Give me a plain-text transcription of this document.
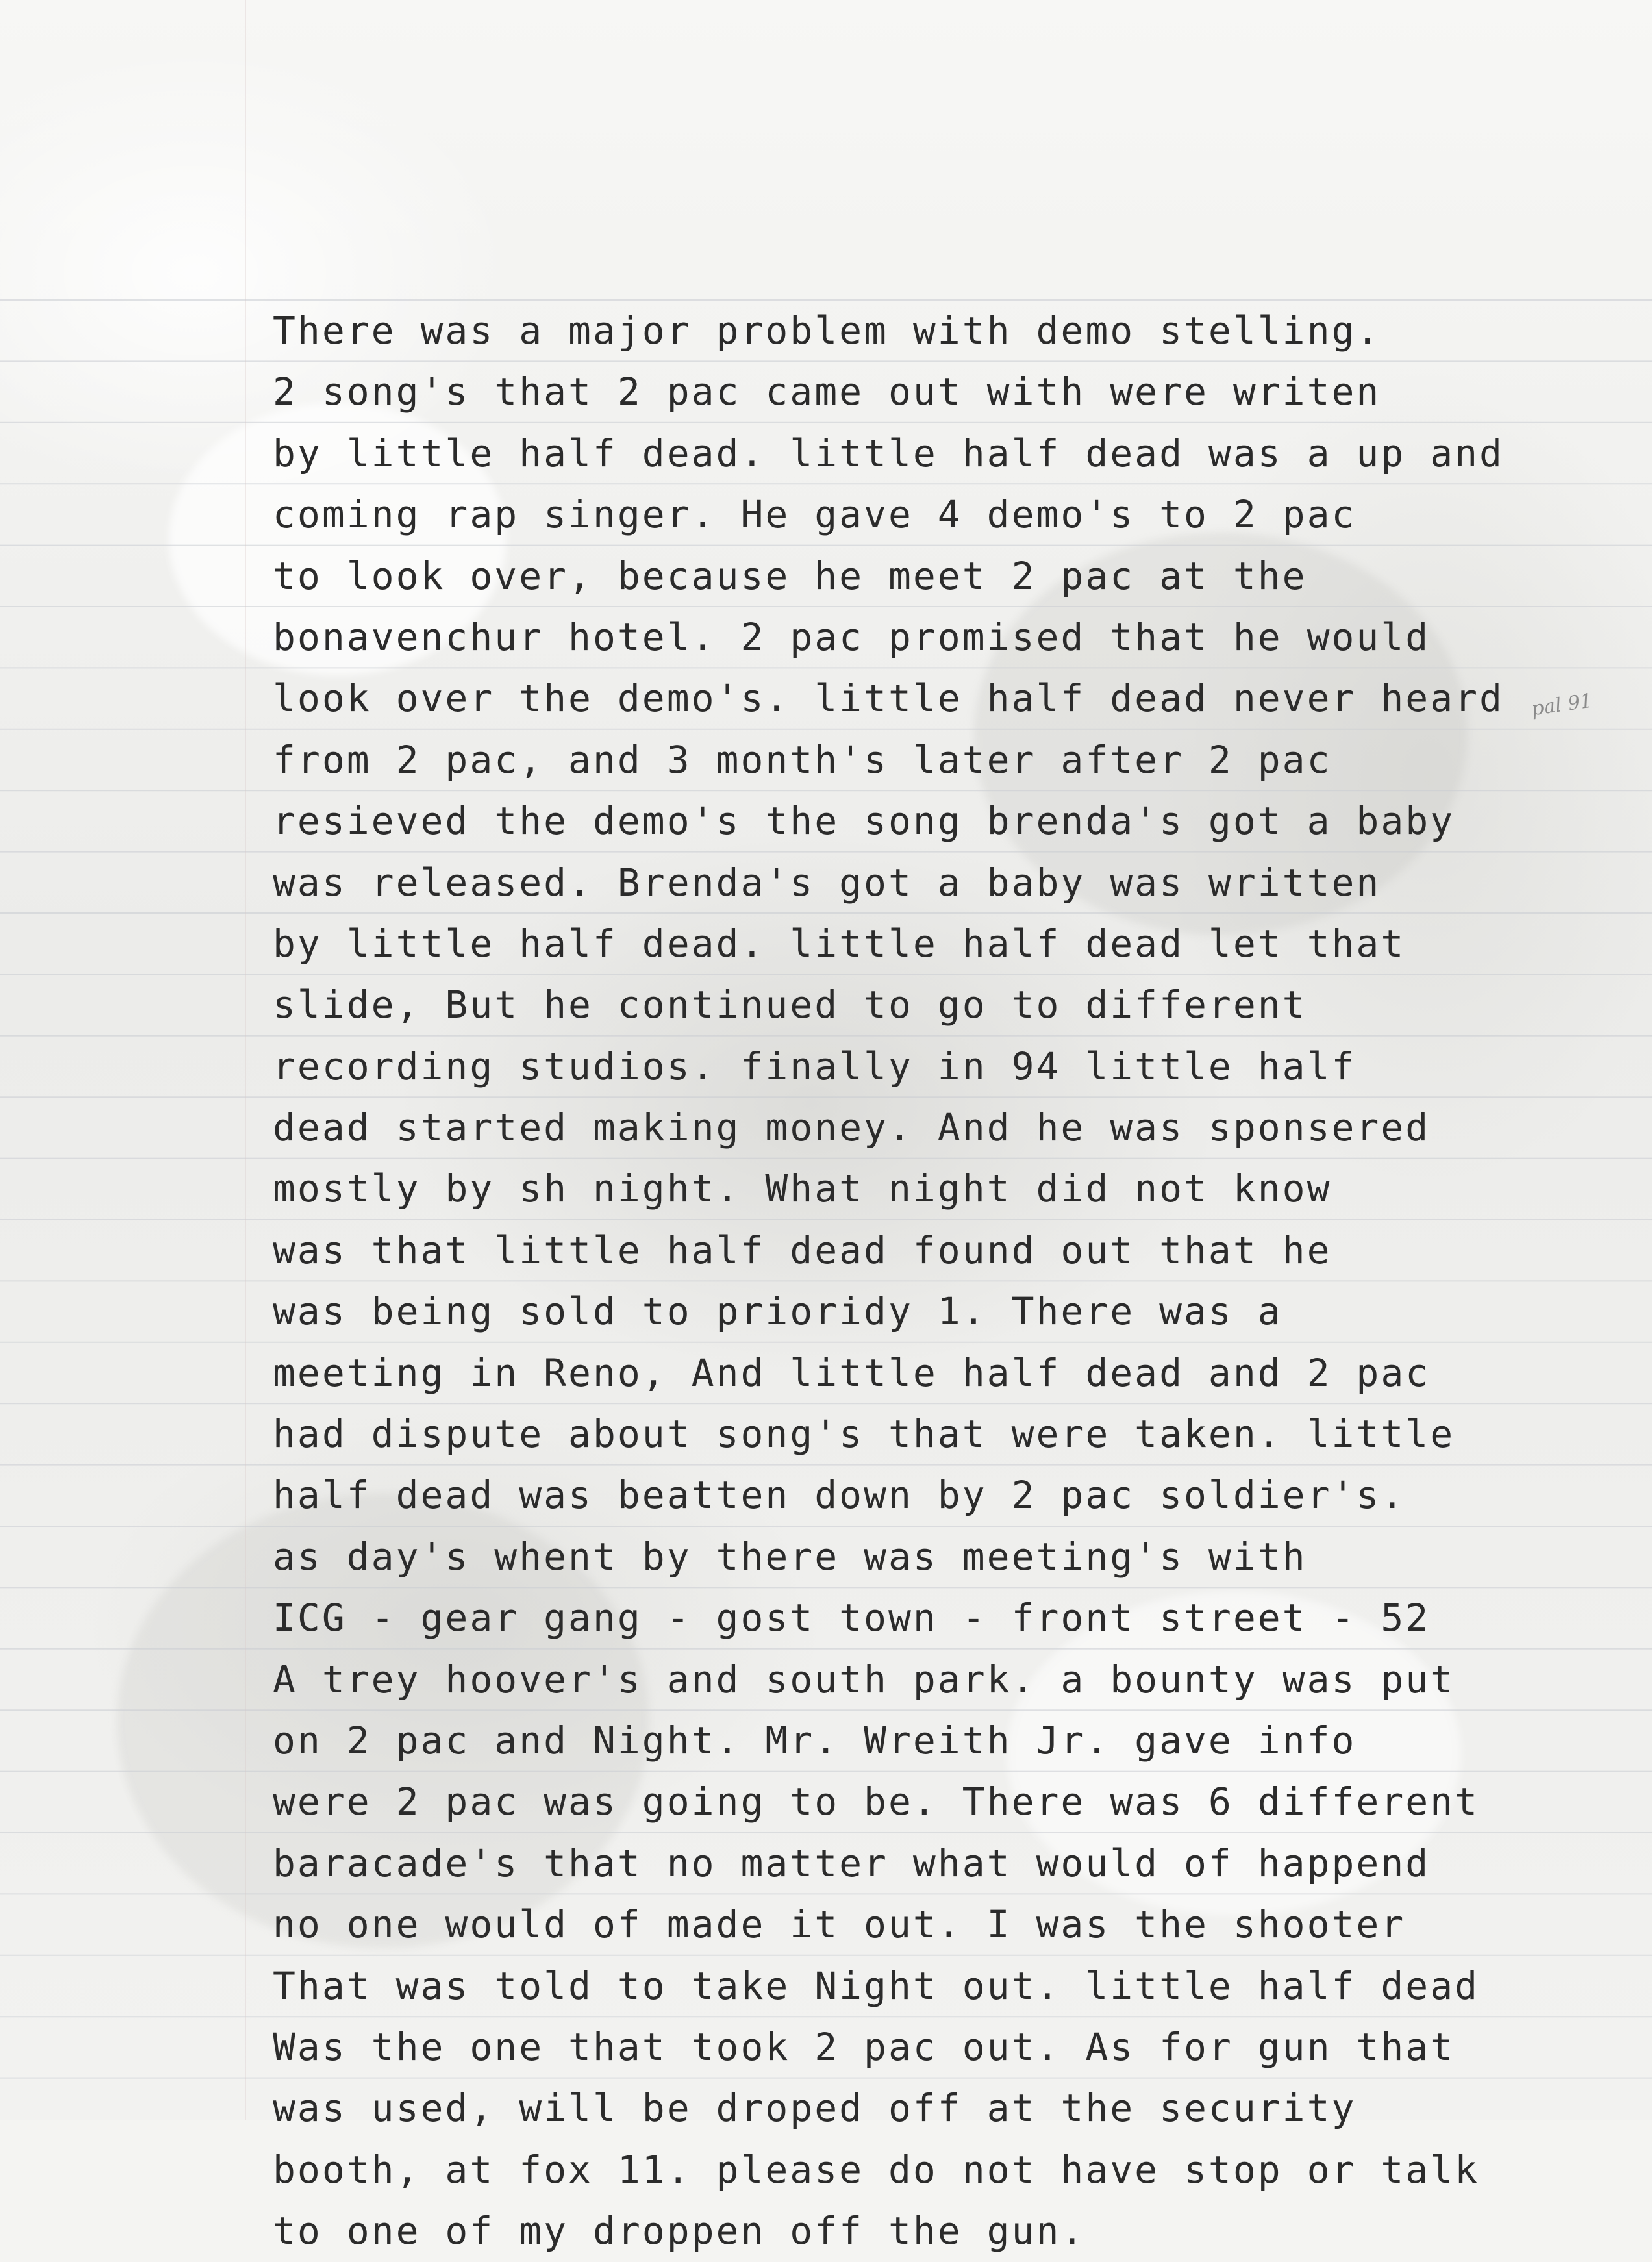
There was a major problem with demo stelling.
2 song's that 2 pac came out with were writen
by little half dead. little half dead was a up and
coming rap singer. He gave 4 demo's to 2 pac
to look over, because he meet 2 pac at the
bonavenchur hotel. 2 pac promised that he would
look over the demo's. little half dead never heard
from 2 pac, and 3 month's later after 2 pac
resieved the demo's the song brenda's got a baby
was released. Brenda's got a baby was written
by little half dead. little half dead let that
slide, But he continued to go to different
recording studios. finally in 94 little half
dead started making money. And he was sponsered
mostly by sh night. What night did not know
was that little half dead found out that he
was being sold to prioridy 1. There was a
meeting in Reno, And little half dead and 2 pac
had dispute about song's that were taken. little
half dead was beatten down by 2 pac soldier's.
as day's whent by there was meeting's with
ICG - gear gang - gost town - front street - 52
A trey hoover's and south park. a bounty was put
on 2 pac and Night. Mr. Wreith Jr. gave info
were 2 pac was going to be. There was 6 different
baracade's that no matter what would of happend
no one would of made it out. I was the shooter
That was told to take Night out. little half dead
Was the one that took 2 pac out. As for gun that
was used, will be droped off at the security
booth, at fox 11. please do not have stop or talk
to one of my droppen off the gun.
pal 91
